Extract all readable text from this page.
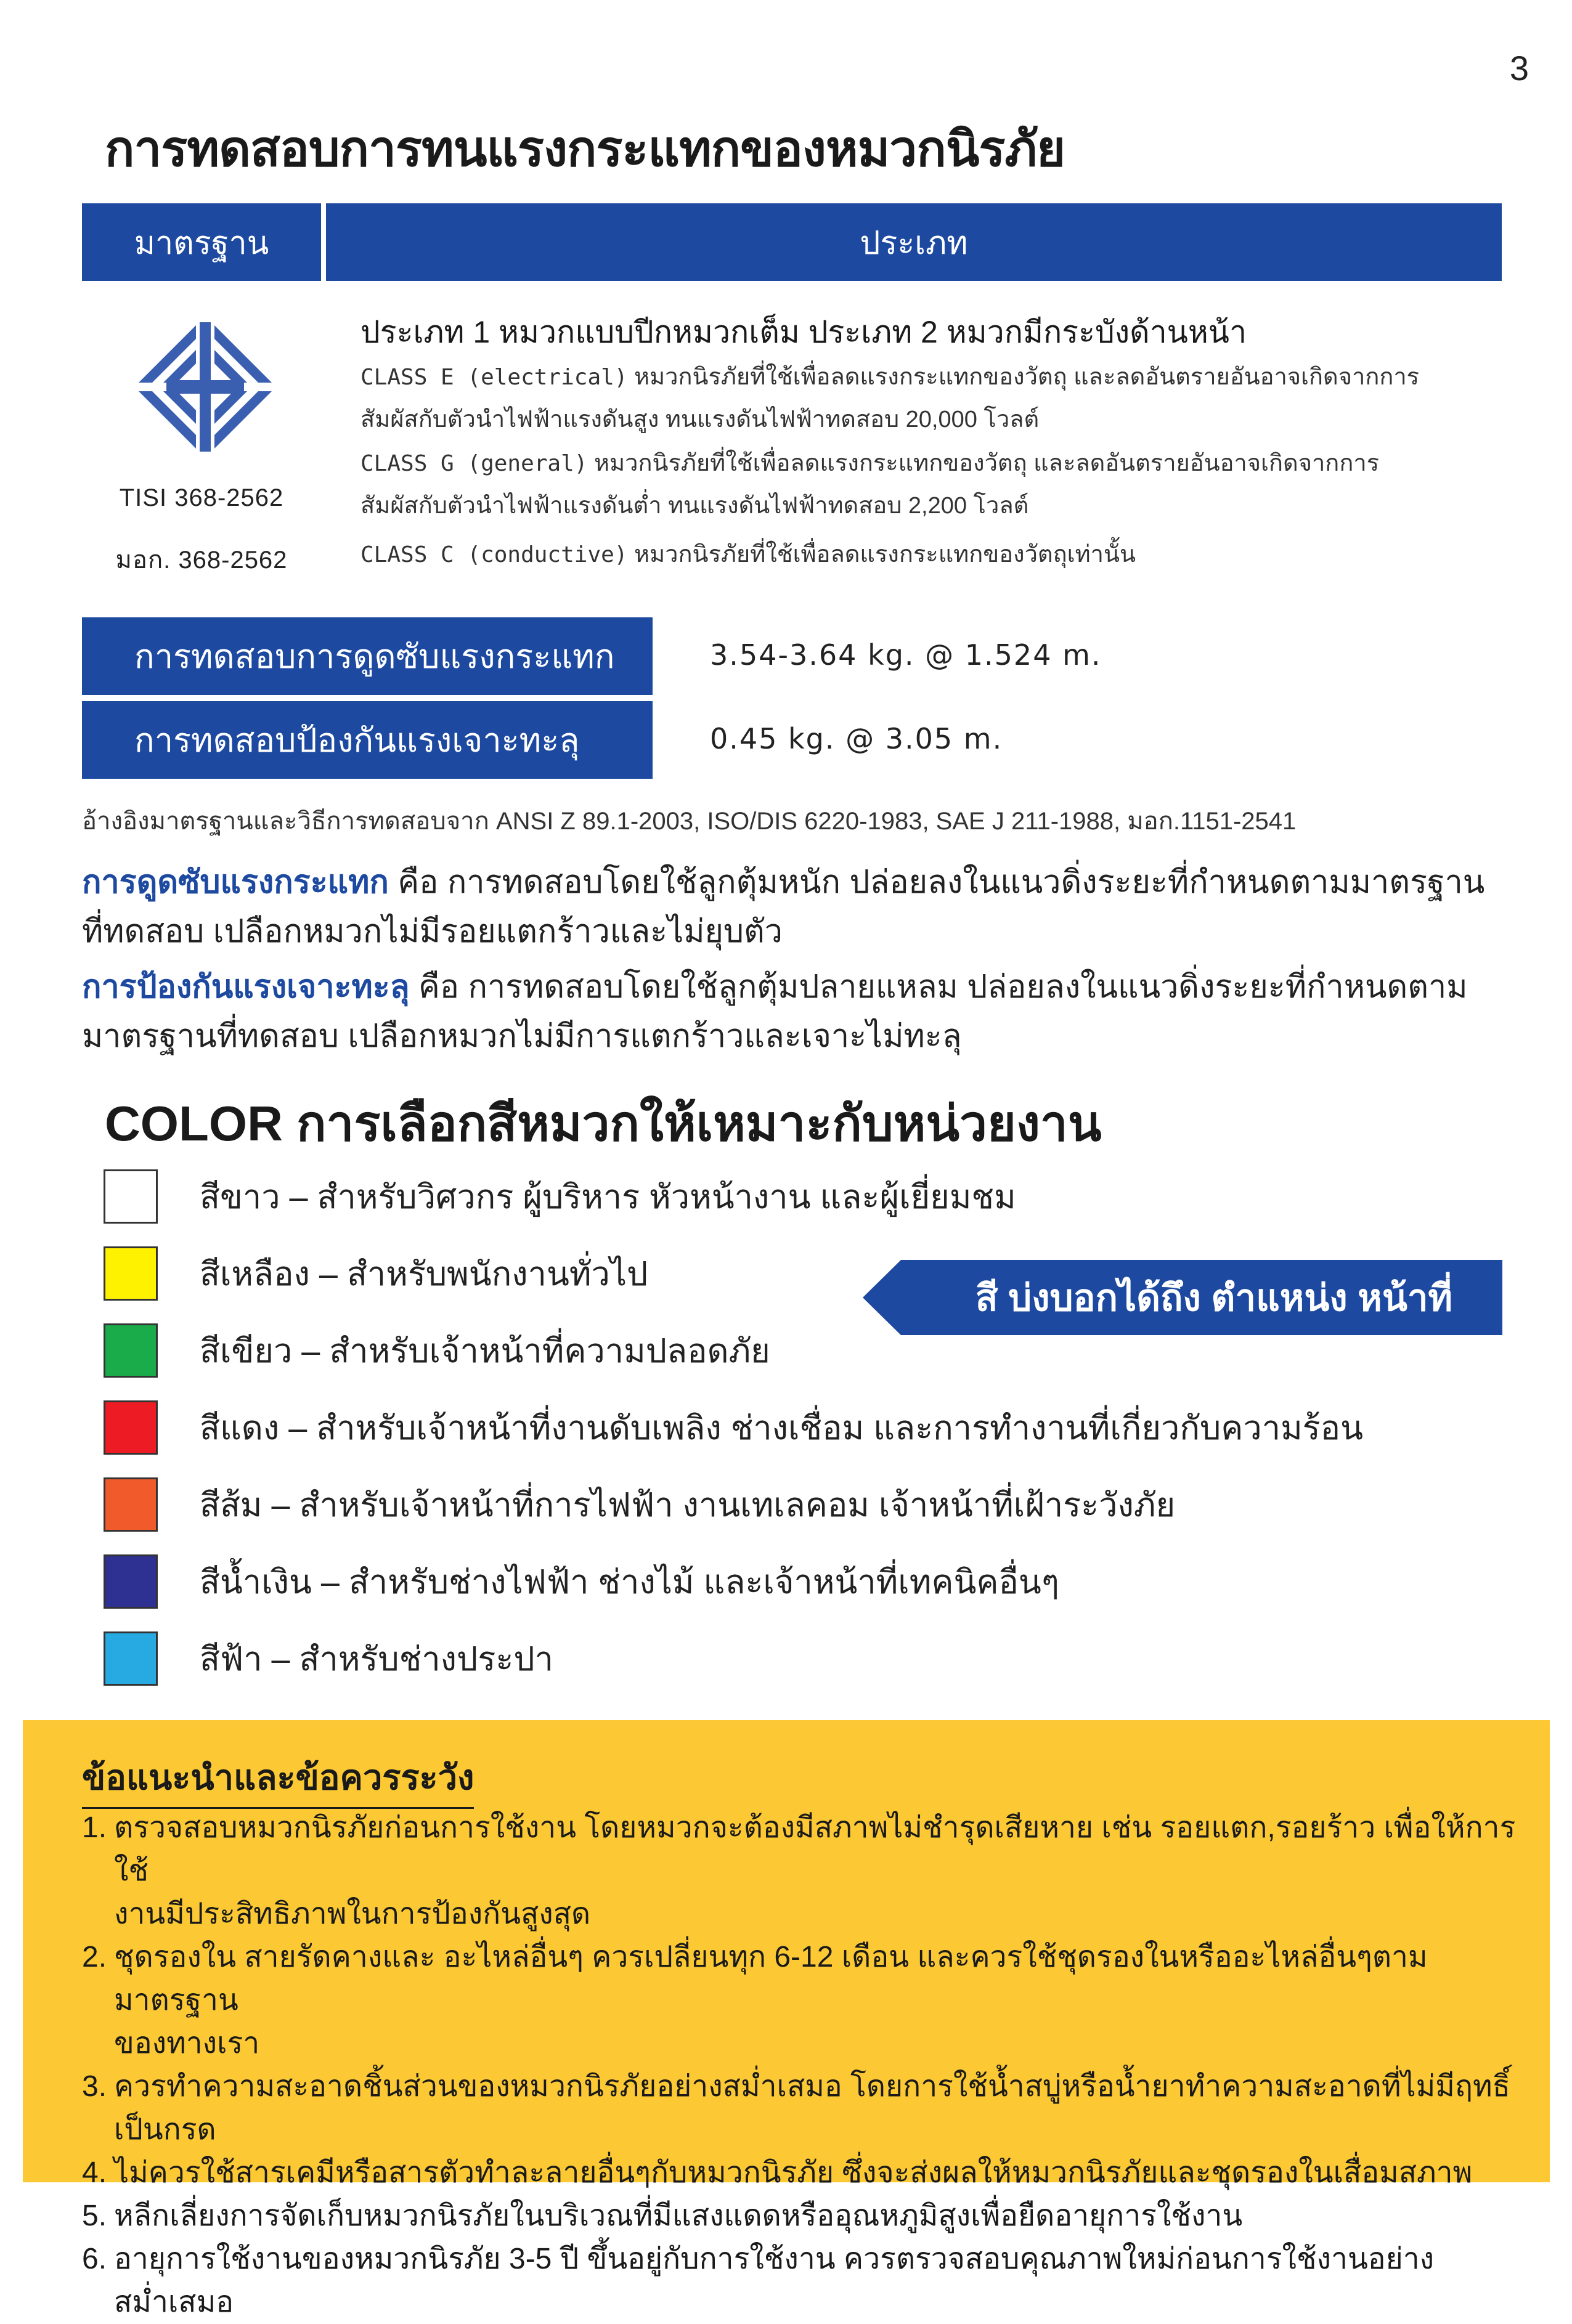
3
การทดสอบการทนแรงกระแทกของหมวกนิรภัย
มาตรฐาน	ประเภท
TISI 368-2562
มอก. 368-2562
ประเภท 1 หมวกแบบปีกหมวกเต็ม ประเภท 2 หมวกมีกระบังด้านหน้า
CLASS E (electrical) หมวกนิรภัยที่ใช้เพื่อลดแรงกระแทกของวัตถุ และลดอันตรายอันอาจเกิดจากการ
สัมผัสกับตัวนำไฟฟ้าแรงดันสูง ทนแรงดันไฟฟ้าทดสอบ 20,000 โวลต์
CLASS G (general) หมวกนิรภัยที่ใช้เพื่อลดแรงกระแทกของวัตถุ และลดอันตรายอันอาจเกิดจากการ
สัมผัสกับตัวนำไฟฟ้าแรงดันต่ำ ทนแรงดันไฟฟ้าทดสอบ 2,200 โวลต์
CLASS C (conductive) หมวกนิรภัยที่ใช้เพื่อลดแรงกระแทกของวัตถุเท่านั้น
การทดสอบการดูดซับแรงกระแทก	3.54-3.64 kg. @ 1.524 m.
การทดสอบป้องกันแรงเจาะทะลุ	0.45 kg. @ 3.05 m.
อ้างอิงมาตรฐานและวิธีการทดสอบจาก ANSI Z 89.1-2003, ISO/DIS 6220-1983, SAE J 211-1988, มอก.1151-2541
การดูดซับแรงกระแทก คือ การทดสอบโดยใช้ลูกตุ้มหนัก ปล่อยลงในแนวดิ่งระยะที่กำหนดตามมาตรฐาน
ที่ทดสอบ เปลือกหมวกไม่มีรอยแตกร้าวและไม่ยุบตัว
การป้องกันแรงเจาะทะลุ คือ การทดสอบโดยใช้ลูกตุ้มปลายแหลม ปล่อยลงในแนวดิ่งระยะที่กำหนดตาม
มาตรฐานที่ทดสอบ เปลือกหมวกไม่มีการแตกร้าวและเจาะไม่ทะลุ
COLOR การเลือกสีหมวกให้เหมาะกับหน่วยงาน
สีขาว – สำหรับวิศวกร ผู้บริหาร หัวหน้างาน และผู้เยี่ยมชม
สีเหลือง – สำหรับพนักงานทั่วไป
สีเขียว – สำหรับเจ้าหน้าที่ความปลอดภัย
สีแดง – สำหรับเจ้าหน้าที่งานดับเพลิง ช่างเชื่อม และการทำงานที่เกี่ยวกับความร้อน
สีส้ม – สำหรับเจ้าหน้าที่การไฟฟ้า งานเทเลคอม เจ้าหน้าที่เฝ้าระวังภัย
สีน้ำเงิน – สำหรับช่างไฟฟ้า ช่างไม้ และเจ้าหน้าที่เทคนิคอื่นๆ
สีฟ้า – สำหรับช่างประปา
สี บ่งบอกได้ถึง ตำแหน่ง หน้าที่
ข้อแนะนำและข้อควรระวัง
1. ตรวจสอบหมวกนิรภัยก่อนการใช้งาน โดยหมวกจะต้องมีสภาพไม่ชำรุดเสียหาย เช่น รอยแตก,รอยร้าว เพื่อให้การใช้
งานมีประสิทธิภาพในการป้องกันสูงสุด
2. ชุดรองใน สายรัดคางและ อะไหล่อื่นๆ ควรเปลี่ยนทุก 6-12 เดือน และควรใช้ชุดรองในหรืออะไหล่อื่นๆตามมาตรฐาน
ของทางเรา
3. ควรทำความสะอาดชิ้นส่วนของหมวกนิรภัยอย่างสม่ำเสมอ โดยการใช้น้ำสบู่หรือน้ำยาทำความสะอาดที่ไม่มีฤทธิ์เป็นกรด
4. ไม่ควรใช้สารเคมีหรือสารตัวทำละลายอื่นๆกับหมวกนิรภัย ซึ่งจะส่งผลให้หมวกนิรภัยและชุดรองในเสื่อมสภาพ
5. หลีกเลี่ยงการจัดเก็บหมวกนิรภัยในบริเวณที่มีแสงแดดหรืออุณหภูมิสูงเพื่อยืดอายุการใช้งาน
6. อายุการใช้งานของหมวกนิรภัย 3-5 ปี ขึ้นอยู่กับการใช้งาน ควรตรวจสอบคุณภาพใหม่ก่อนการใช้งานอย่างสม่ำเสมอ
